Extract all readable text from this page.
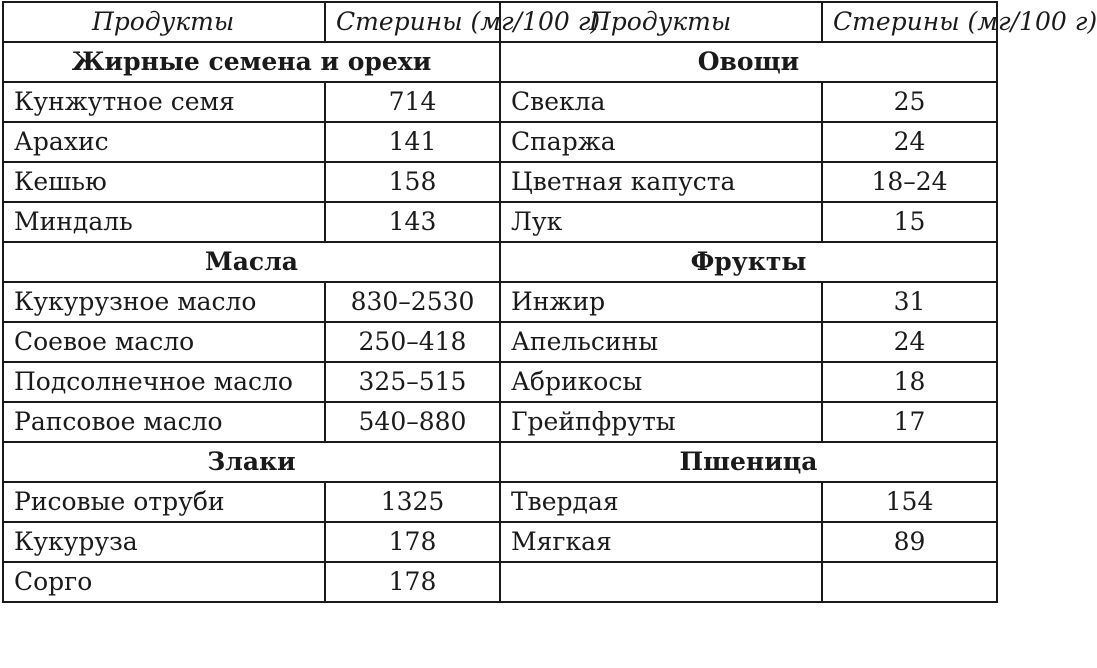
Продукты	Стерины (мг/100 г)	Продукты	Стерины (мг/100 г)
Жирные семена и орехи		Овощи	
Кунжутное семя	714	Свекла	25
Арахис	141	Спаржа	24
Кешью	158	Цветная капуста	18–24
Миндаль	143	Лук	15
Масла		Фрукты	
Кукурузное масло	830–2530	Инжир	31
Соевое масло	250–418	Апельсины	24
Подсолнечное масло	325–515	Абрикосы	18
Рапсовое масло	540–880	Грейпфруты	17
Злаки		Пшеница	
Рисовые отруби	1325	Твердая	154
Кукуруза	178	Мягкая	89
Сорго	178		
